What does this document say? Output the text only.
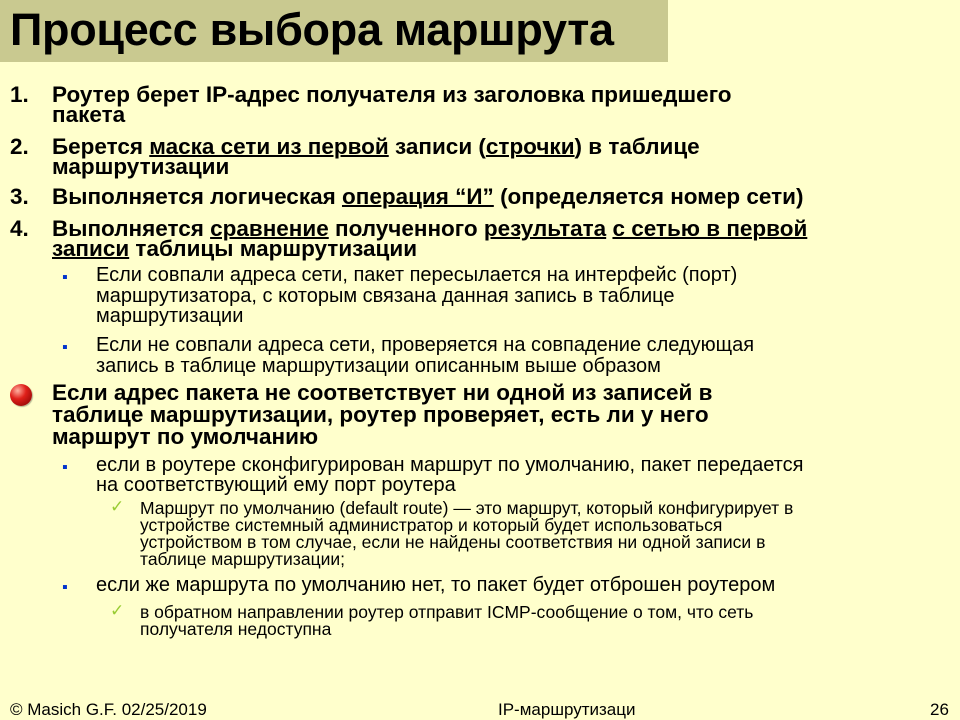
Процесс выбора маршрута
1. Роутер берет IP-адрес получателя из заголовка пришедшего
пакета
2. Берется маска сети из первой записи (строчки) в таблице
маршрутизации
3. Выполняется логическая операция “И” (определяется номер сети)
4. Выполняется сравнение полученного результата с сетью в первой
записи таблицы маршрутизации
▪ Если совпали адреса сети, пакет пересылается на интерфейс (порт)
маршрутизатора, с которым связана данная запись в таблице
маршрутизации
▪ Если не совпали адреса сети, проверяется на совпадение следующая
запись в таблице маршрутизации описанным выше образом
Если адрес пакета не соответствует ни одной из записей в
таблице маршрутизации, роутер проверяет, есть ли у него
маршрут по умолчанию
▪ если в роутере сконфигурирован маршрут по умолчанию, пакет передается
на соответствующий ему порт роутера
✓ Маршрут по умолчанию (default route) — это маршрут, который конфигурирует в
устройстве системный администратор и который будет использоваться
устройством в том случае, если не найдены соответствия ни одной записи в
таблице маршрутизации;
▪ если же маршрута по умолчанию нет, то пакет будет отброшен роутером
✓ в обратном направлении роутер отправит ICMP-сообщение о том, что сеть
получателя недоступна
© Masich G.F. 02/25/2019	IP-маршрутизаци	26
